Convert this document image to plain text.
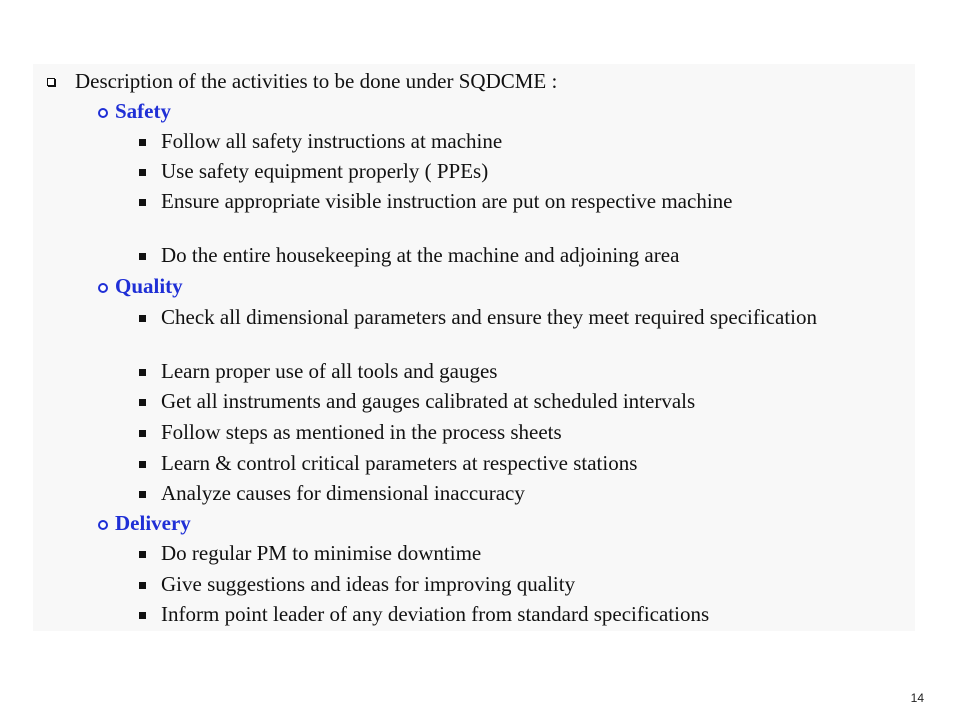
Description of the activities to be done under SQDCME :
Safety
Follow all safety instructions at machine
Use safety equipment properly ( PPEs)
Ensure appropriate visible instruction are put on respective machine
Do the entire housekeeping at the machine and adjoining area
Quality
Check all dimensional parameters and ensure they meet required specification
Learn proper use of all tools and gauges
Get all instruments and gauges calibrated at scheduled intervals
Follow steps as mentioned in the process sheets
Learn & control critical parameters at respective stations
Analyze causes for dimensional inaccuracy
Delivery
Do regular PM to minimise downtime
Give suggestions and ideas for improving quality
Inform point leader of any deviation from standard specifications
14
